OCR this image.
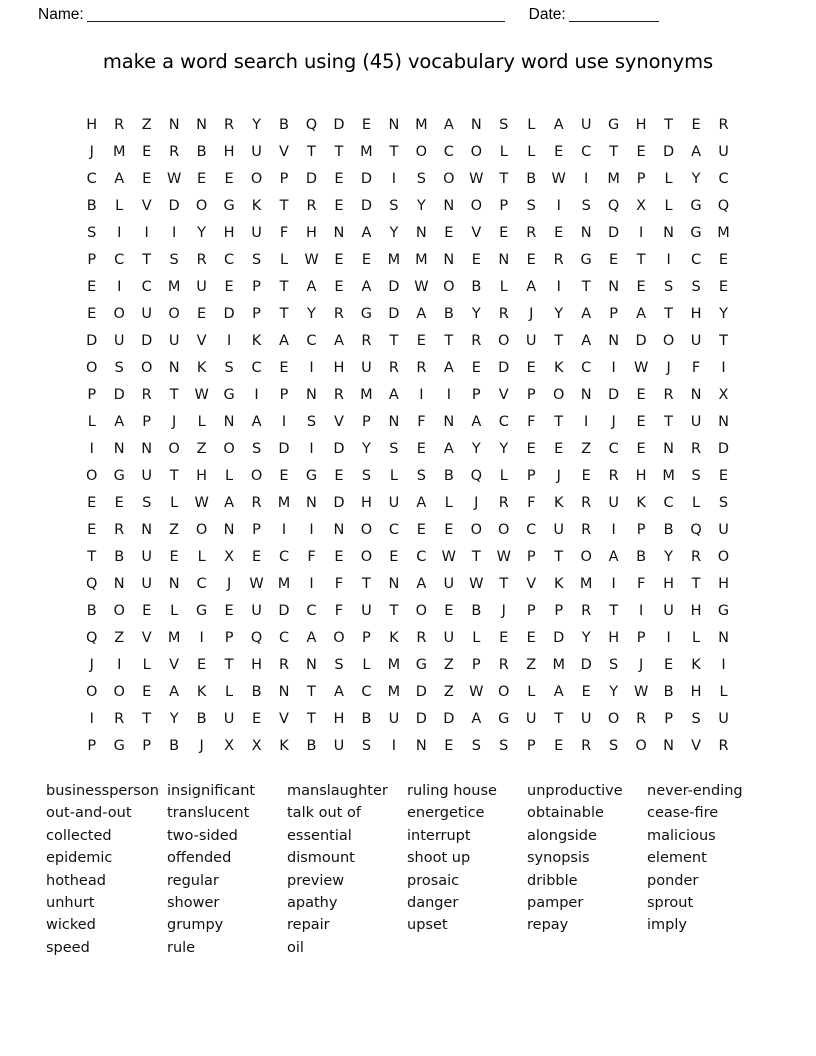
Name:	Date:
make a word search using (45) vocabulary word use synonyms
H	R	Z	N	N	R	Y	B	Q	D	E	N	M	A	N	S	L	A	U	G	H	T	E	R
J	M	E	R	B	H	U	V	T	T	M	T	O	C	O	L	L	E	C	T	E	D	A	U
C	A	E	W	E	E	O	P	D	E	D	I	S	O	W	T	B	W	I	M	P	L	Y	C
B	L	V	D	O	G	K	T	R	E	D	S	Y	N	O	P	S	I	S	Q	X	L	G	Q
S	I	I	I	Y	H	U	F	H	N	A	Y	N	E	V	E	R	E	N	D	I	N	G	M
P	C	T	S	R	C	S	L	W	E	E	M	M	N	E	N	E	R	G	E	T	I	C	E
E	I	C	M	U	E	P	T	A	E	A	D	W	O	B	L	A	I	T	N	E	S	S	E
E	O	U	O	E	D	P	T	Y	R	G	D	A	B	Y	R	J	Y	A	P	A	T	H	Y
D	U	D	U	V	I	K	A	C	A	R	T	E	T	R	O	U	T	A	N	D	O	U	T
O	S	O	N	K	S	C	E	I	H	U	R	R	A	E	D	E	K	C	I	W	J	F	I
P	D	R	T	W	G	I	P	N	R	M	A	I	I	P	V	P	O	N	D	E	R	N	X
L	A	P	J	L	N	A	I	S	V	P	N	F	N	A	C	F	T	I	J	E	T	U	N
I	N	N	O	Z	O	S	D	I	D	Y	S	E	A	Y	Y	E	E	Z	C	E	N	R	D
O	G	U	T	H	L	O	E	G	E	S	L	S	B	Q	L	P	J	E	R	H	M	S	E
E	E	S	L	W	A	R	M	N	D	H	U	A	L	J	R	F	K	R	U	K	C	L	S
E	R	N	Z	O	N	P	I	I	N	O	C	E	E	O	O	C	U	R	I	P	B	Q	U
T	B	U	E	L	X	E	C	F	E	O	E	C	W	T	W	P	T	O	A	B	Y	R	O
Q	N	U	N	C	J	W M	I	F	T	N	A	U	W	T	V	K	M	I	F	H	T	H
B	O	E	L	G	E	U	D	C	F	U	T	O	E	B	J	P	P	R	T	I	U	H	G
Q	Z	V	M	I	P	Q	C	A	O	P	K	R	U	L	E	E	D	Y	H	P	I	L	N
J	I	L	V	E	T	H	R	N	S	L	M	G	Z	P	R	Z	M	D	S	J	E	K	I
O	O	E	A	K	L	B	N	T	A	C	M	D	Z	W	O	L	A	E	Y	W	B	H	L
I	R	T	Y	B	U	E	V	T	H	B	U	D	D	A	G	U	T	U	O	R	P	S	U
P	G	P	B	J	X	X	K	B	U	S	I	N	E	S	S	P	E	R	S	O	N	V	R
businessperson
out-and-out
collected
epidemic
hothead
unhurt
wicked
speed
insignificant
translucent
two-sided
offended
regular
shower
grumpy
rule
manslaughter
talk out of
essential
dismount
preview
apathy
repair
oil
ruling house
energetice
interrupt
shoot up
prosaic
danger
upset
unproductive
obtainable
alongside
synopsis
dribble
pamper
repay
never-ending
cease-fire
malicious
element
ponder
sprout
imply
